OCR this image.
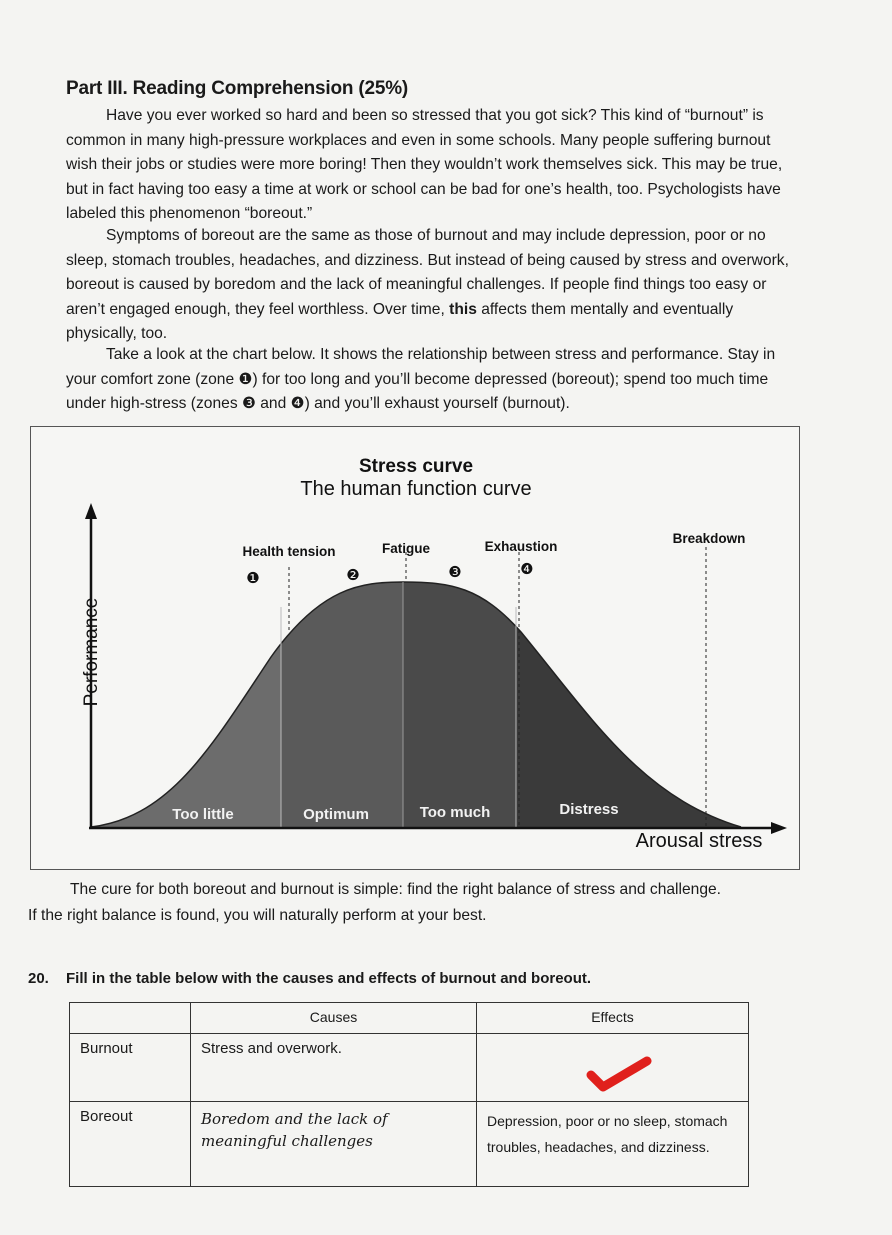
Part III. Reading Comprehension (25%)
Have you ever worked so hard and been so stressed that you got sick? This kind of “burnout” is common in many high-pressure workplaces and even in some schools. Many people suffering burnout wish their jobs or studies were more boring! Then they wouldn’t work themselves sick. This may be true, but in fact having too easy a time at work or school can be bad for one’s health, too. Psychologists have labeled this phenomenon “boreout.”
Symptoms of boreout are the same as those of burnout and may include depression, poor or no sleep, stomach troubles, headaches, and dizziness. But instead of being caused by stress and overwork, boreout is caused by boredom and the lack of meaningful challenges. If people find things too easy or aren’t engaged enough, they feel worthless. Over time, this affects them mentally and eventually physically, too.
Take a look at the chart below. It shows the relationship between stress and performance. Stay in your comfort zone (zone ❶) for too long and you’ll become depressed (boreout); spend too much time under high-stress (zones ❸ and ❹) and you’ll exhaust yourself (burnout).
Stress curve
The human function curve
Performance
Arousal stress
Health tension	Fatigue	Exhaustion
Breakdown
❶	❷	❸	❹
Too little	Optimum	Too much	Distress
The cure for both boreout and burnout is simple: find the right balance of stress and challenge.
If the right balance is found, you will naturally perform at your best.
20. Fill in the table below with the causes and effects of burnout and boreout.
	Causes	Effects
Burnout	Stress and overwork.	
Boreout	Boredom and the lack of meaningful challenges	Depression, poor or no sleep, stomach troubles, headaches, and dizziness.
